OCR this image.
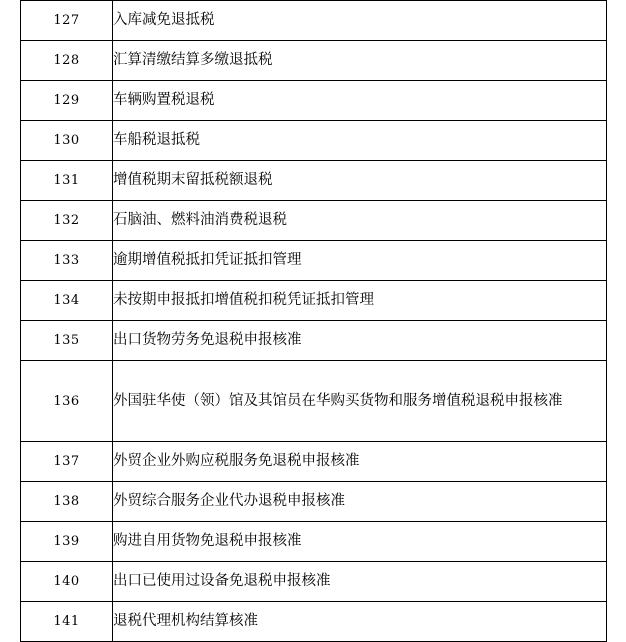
127	入库减免退抵税
128	汇算清缴结算多缴退抵税
129	车辆购置税退税
130	车船税退抵税
131	增值税期末留抵税额退税
132	石脑油、燃料油消费税退税
133	逾期增值税抵扣凭证抵扣管理
134	未按期申报抵扣增值税扣税凭证抵扣管理
135	出口货物劳务免退税申报核准
136	外国驻华使（领）馆及其馆员在华购买货物和服务增值税退税申报核准
137	外贸企业外购应税服务免退税申报核准
138	外贸综合服务企业代办退税申报核准
139	购进自用货物免退税申报核准
140	出口已使用过设备免退税申报核准
141	退税代理机构结算核准
